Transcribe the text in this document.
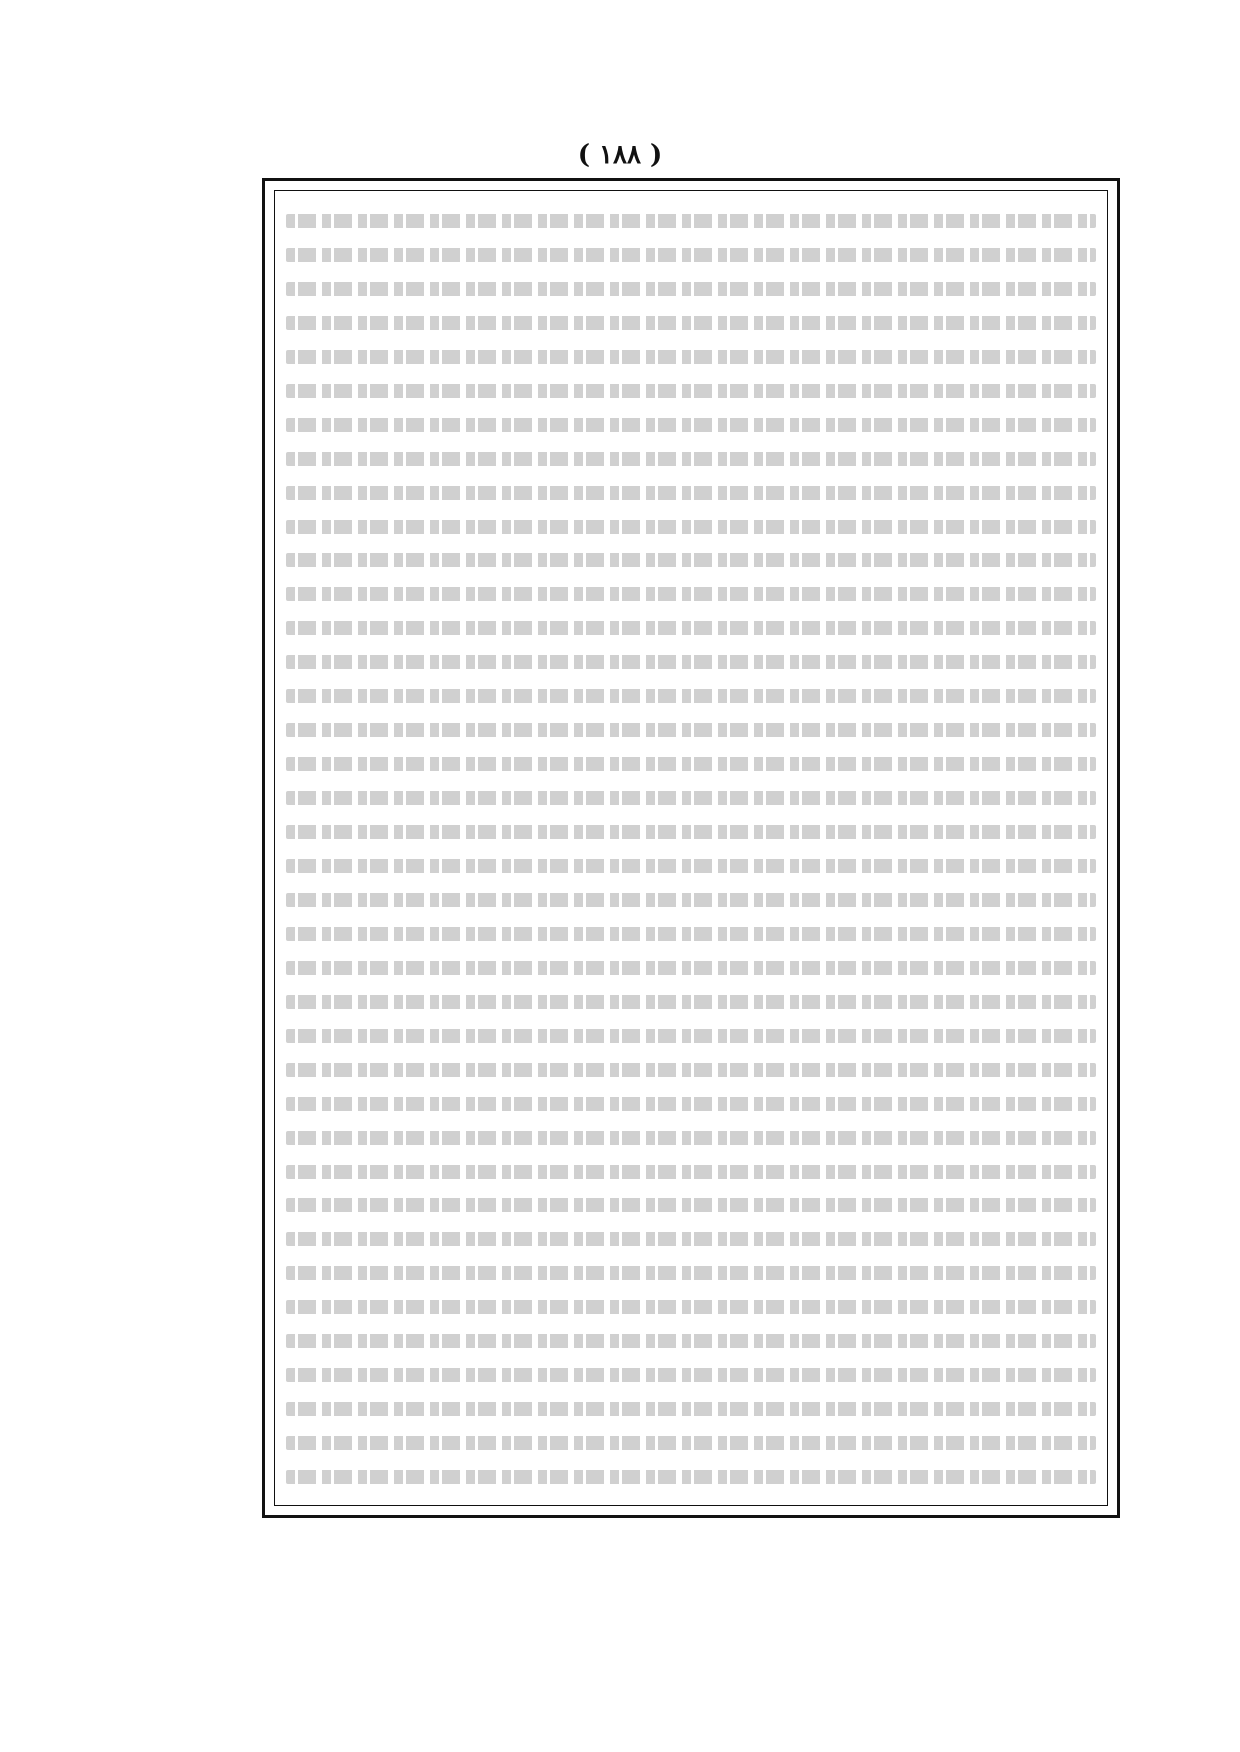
( ١٨٨ )
